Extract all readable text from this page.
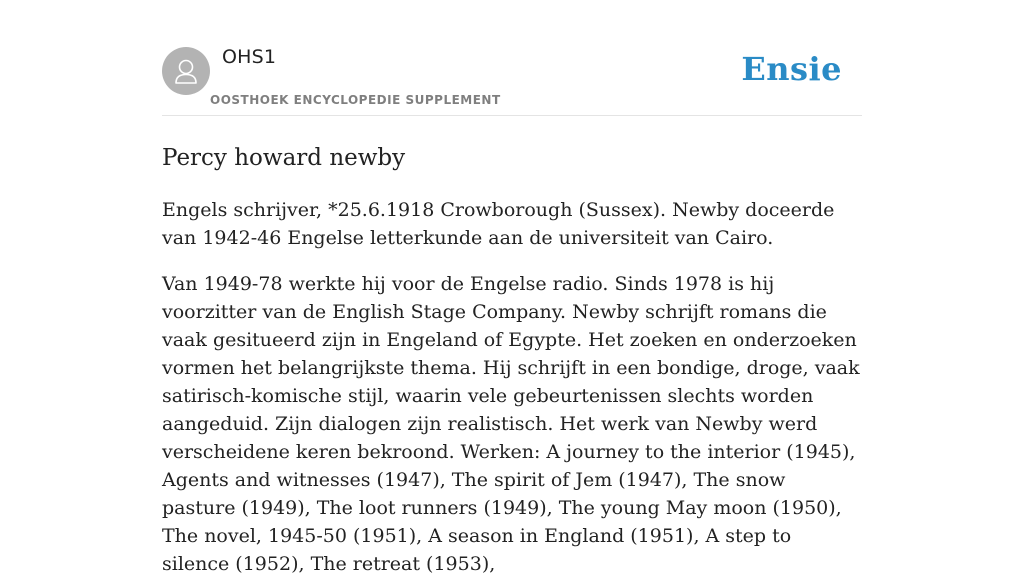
OHS1
OOSTHOEK ENCYCLOPEDIE SUPPLEMENT
Ensie
Percy howard newby

Engels schrijver, *25.6.1918 Crowborough (Sussex). Newby doceerde van 1942-46 Engelse letterkunde aan de universiteit van Cairo.

Van 1949-78 werkte hij voor de Engelse radio. Sinds 1978 is hij voorzitter van de English Stage Company. Newby schrijft romans die vaak gesitueerd zijn in Engeland of Egypte. Het zoeken en onderzoeken vormen het belangrijkste thema. Hij schrijft in een bondige, droge, vaak satirisch-komische stijl, waarin vele gebeurtenissen slechts worden aangeduid. Zijn dialogen zijn realistisch. Het werk van Newby werd verscheidene keren bekroond. Werken: A journey to the interior (1945), Agents and witnesses (1947), The spirit of Jem (1947), The snow pasture (1949), The loot runners (1949), The young May moon (1950), The novel, 1945-50 (1951), A season in England (1951), A step to silence (1952), The retreat (1953),
